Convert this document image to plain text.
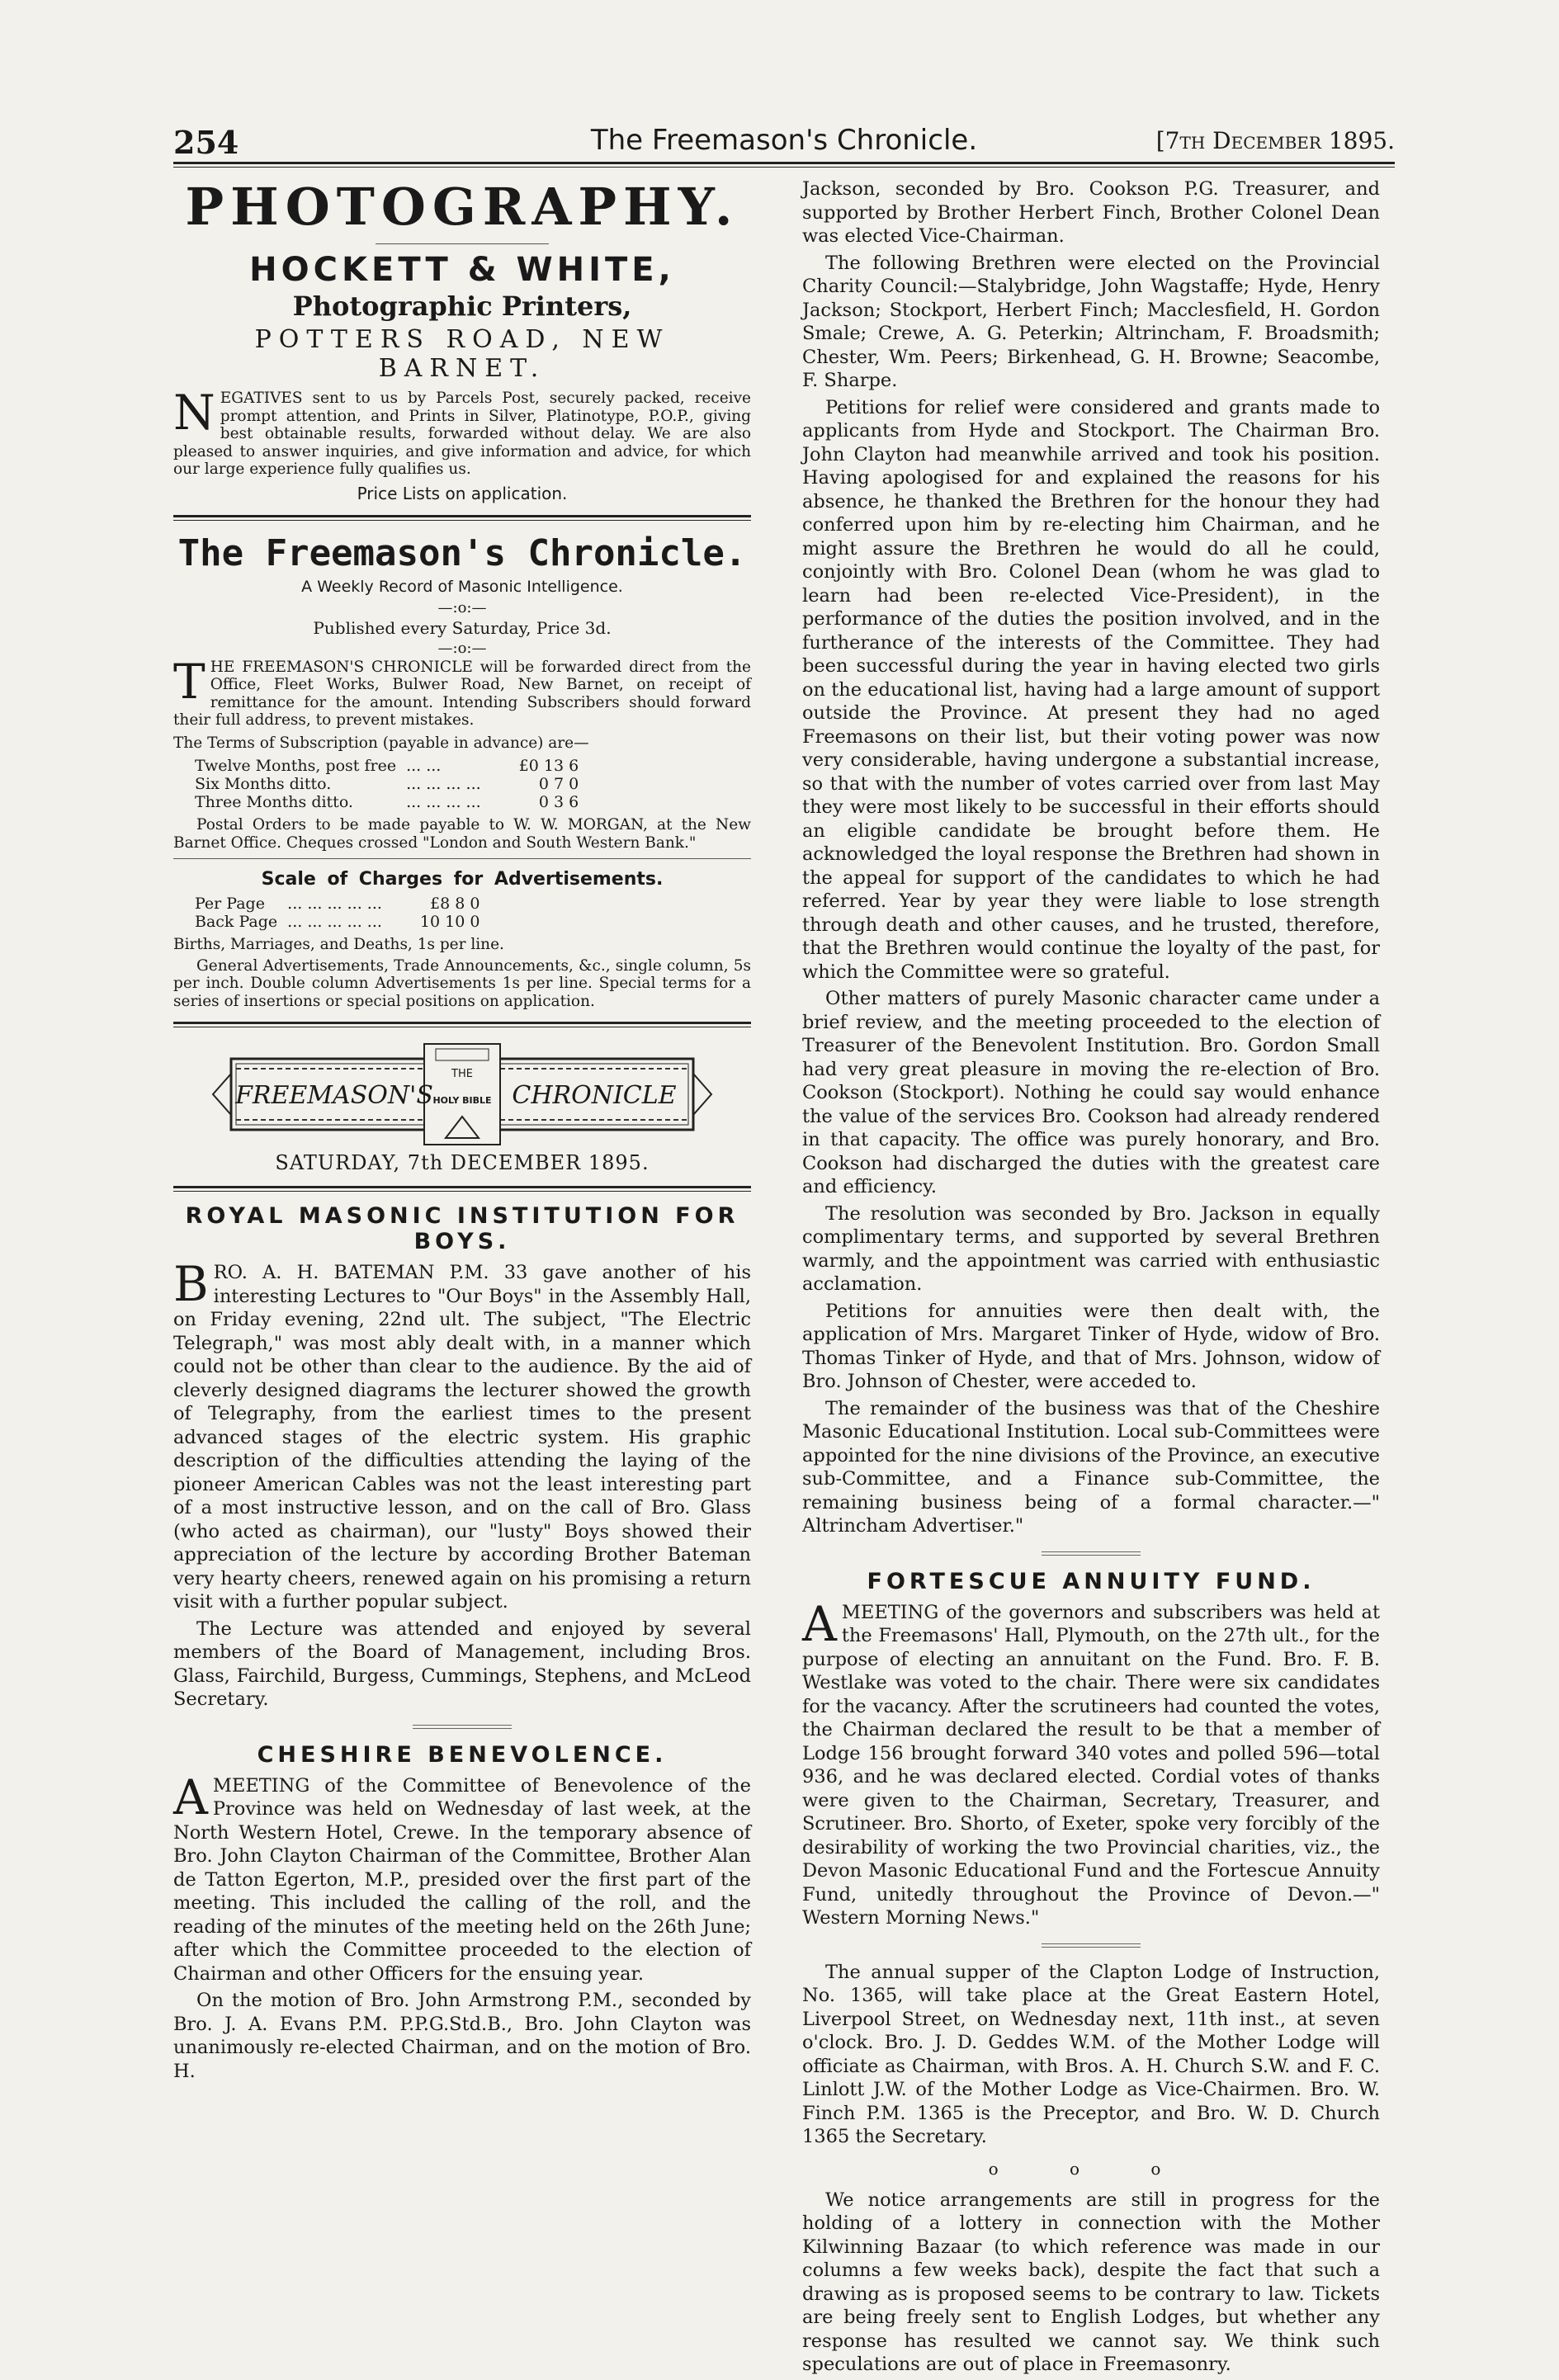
254	The Freemason's Chronicle.	[7th December 1895.
PHOTOGRAPHY.
HOCKETT & WHITE,
Photographic Printers,
POTTERS ROAD, NEW BARNET.

NEGATIVES sent to us by Parcels Post, securely packed, receive prompt attention, and Prints in Silver, Platinotype, P.O.P., giving best obtainable results, forwarded without delay. We are also pleased to answer inquiries, and give information and advice, for which our large experience fully qualifies us.

Price Lists on application.
The Freemason's Chronicle.
A Weekly Record of Masonic Intelligence.
—:o:—
Published every Saturday, Price 3d.
—:o:—

THE FREEMASON'S CHRONICLE will be forwarded direct from the Office, Fleet Works, Bulwer Road, New Barnet, on receipt of remittance for the amount. Intending Subscribers should forward their full address, to prevent mistakes.

The Terms of Subscription (payable in advance) are—

Twelve Months, post free	... ...	£0 13 6
Six Months ditto.	... ... ... ...	0 7 0
Three Months ditto.	... ... ... ...	0 3 6

Postal Orders to be made payable to W. W. MORGAN, at the New Barnet Office. Cheques crossed "London and South Western Bank."

Scale of Charges for Advertisements.
Per Page	... ... ... ... ...	£8 8 0
Back Page	... ... ... ... ...	10 10 0

Births, Marriages, and Deaths, 1s per line.

General Advertisements, Trade Announcements, &c., single column, 5s per inch. Double column Advertisements 1s per line. Special terms for a series of insertions or special positions on application.

FREEMASON'S
THE
HOLY BIBLE CHRONICLE
SATURDAY, 7th DECEMBER 1895.
ROYAL MASONIC INSTITUTION FOR BOYS.

BRO. A. H. BATEMAN P.M. 33 gave another of his interesting Lectures to "Our Boys" in the Assembly Hall, on Friday evening, 22nd ult. The subject, "The Electric Telegraph," was most ably dealt with, in a manner which could not be other than clear to the audience. By the aid of cleverly designed diagrams the lecturer showed the growth of Telegraphy, from the earliest times to the present advanced stages of the electric system. His graphic description of the difficulties attending the laying of the pioneer American Cables was not the least interesting part of a most instructive lesson, and on the call of Bro. Glass (who acted as chairman), our "lusty" Boys showed their appreciation of the lecture by according Brother Bateman very hearty cheers, renewed again on his promising a return visit with a further popular subject.

The Lecture was attended and enjoyed by several members of the Board of Management, including Bros. Glass, Fairchild, Burgess, Cummings, Stephens, and McLeod Secretary.

CHESHIRE BENEVOLENCE.

AMEETING of the Committee of Benevolence of the Province was held on Wednesday of last week, at the North Western Hotel, Crewe. In the temporary absence of Bro. John Clayton Chairman of the Committee, Brother Alan de Tatton Egerton, M.P., presided over the first part of the meeting. This included the calling of the roll, and the reading of the minutes of the meeting held on the 26th June; after which the Committee proceeded to the election of Chairman and other Officers for the ensuing year.

On the motion of Bro. John Armstrong P.M., seconded by Bro. J. A. Evans P.M. P.P.G.Std.B., Bro. John Clayton was unanimously re-elected Chairman, and on the motion of Bro. H.

Jackson, seconded by Bro. Cookson P.G. Treasurer, and supported by Brother Herbert Finch, Brother Colonel Dean was elected Vice-Chairman.

The following Brethren were elected on the Provincial Charity Council:—Stalybridge, John Wagstaffe; Hyde, Henry Jackson; Stockport, Herbert Finch; Macclesfield, H. Gordon Smale; Crewe, A. G. Peterkin; Altrincham, F. Broadsmith; Chester, Wm. Peers; Birkenhead, G. H. Browne; Seacombe, F. Sharpe.

Petitions for relief were considered and grants made to applicants from Hyde and Stockport. The Chairman Bro. John Clayton had meanwhile arrived and took his position. Having apologised for and explained the reasons for his absence, he thanked the Brethren for the honour they had conferred upon him by re-electing him Chairman, and he might assure the Brethren he would do all he could, conjointly with Bro. Colonel Dean (whom he was glad to learn had been re-elected Vice-President), in the performance of the duties the position involved, and in the furtherance of the interests of the Committee. They had been successful during the year in having elected two girls on the educational list, having had a large amount of support outside the Province. At present they had no aged Freemasons on their list, but their voting power was now very considerable, having undergone a substantial increase, so that with the number of votes carried over from last May they were most likely to be successful in their efforts should an eligible candidate be brought before them. He acknowledged the loyal response the Brethren had shown in the appeal for support of the candidates to which he had referred. Year by year they were liable to lose strength through death and other causes, and he trusted, therefore, that the Brethren would continue the loyalty of the past, for which the Committee were so grateful.

Other matters of purely Masonic character came under a brief review, and the meeting proceeded to the election of Treasurer of the Benevolent Institution. Bro. Gordon Small had very great pleasure in moving the re-election of Bro. Cookson (Stockport). Nothing he could say would enhance the value of the services Bro. Cookson had already rendered in that capacity. The office was purely honorary, and Bro. Cookson had discharged the duties with the greatest care and efficiency.

The resolution was seconded by Bro. Jackson in equally complimentary terms, and supported by several Brethren warmly, and the appointment was carried with enthusiastic acclamation.

Petitions for annuities were then dealt with, the application of Mrs. Margaret Tinker of Hyde, widow of Bro. Thomas Tinker of Hyde, and that of Mrs. Johnson, widow of Bro. Johnson of Chester, were acceded to.

The remainder of the business was that of the Cheshire Masonic Educational Institution. Local sub-Committees were appointed for the nine divisions of the Province, an executive sub-Committee, and a Finance sub-Committee, the remaining business being of a formal character.—" Altrincham Advertiser."

FORTESCUE ANNUITY FUND.

AMEETING of the governors and subscribers was held at the Freemasons' Hall, Plymouth, on the 27th ult., for the purpose of electing an annuitant on the Fund. Bro. F. B. Westlake was voted to the chair. There were six candidates for the vacancy. After the scrutineers had counted the votes, the Chairman declared the result to be that a member of Lodge 156 brought forward 340 votes and polled 596—total 936, and he was declared elected. Cordial votes of thanks were given to the Chairman, Secretary, Treasurer, and Scrutineer. Bro. Shorto, of Exeter, spoke very forcibly of the desirability of working the two Provincial charities, viz., the Devon Masonic Educational Fund and the Fortescue Annuity Fund, unitedly throughout the Province of Devon.—" Western Morning News."

The annual supper of the Clapton Lodge of Instruction, No. 1365, will take place at the Great Eastern Hotel, Liverpool Street, on Wednesday next, 11th inst., at seven o'clock. Bro. J. D. Geddes W.M. of the Mother Lodge will officiate as Chairman, with Bros. A. H. Church S.W. and F. C. Linlott J.W. of the Mother Lodge as Vice-Chairmen. Bro. W. Finch P.M. 1365 is the Preceptor, and Bro. W. D. Church 1365 the Secretary.

o o o

We notice arrangements are still in progress for the holding of a lottery in connection with the Mother Kilwinning Bazaar (to which reference was made in our columns a few weeks back), despite the fact that such a drawing as is proposed seems to be contrary to law. Tickets are being freely sent to English Lodges, but whether any response has resulted we cannot say. We think such speculations are out of place in Freemasonry.
